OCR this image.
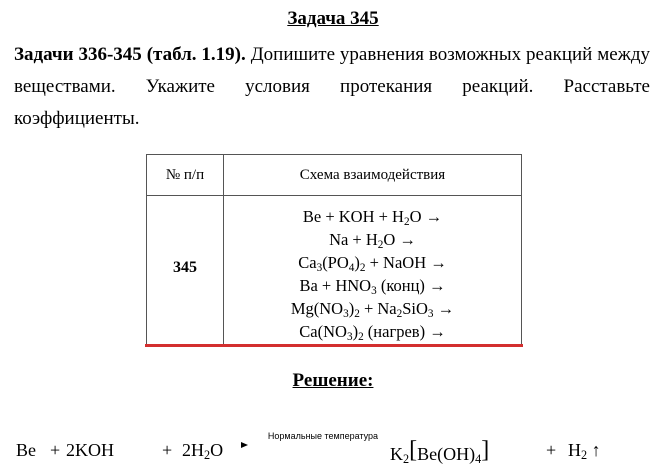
Задача 345
Задачи 336-345 (табл. 1.19). Допишите уравнения возможных реакций между веществами. Укажите условия протекания реакций. Расставьте коэффициенты.
№ п/п	Схема взаимодействия
345
Be + KOH + $H_2O$ →
$Na + H_2O$ →
$Ca_3(PO_4)_2$ + NaOH →
$Ba + HNO_3$ (конц) →
$Mg(NO_3)_2 + Na_2SiO_3$ →
$Ca(NO_3)_2$ (нагрев) →
Решение:
Be + 2KOH	+ $2H_2O$
Нормальные температура
$K_2[Be(OH)_4]$	+ $H_2$ ↑
